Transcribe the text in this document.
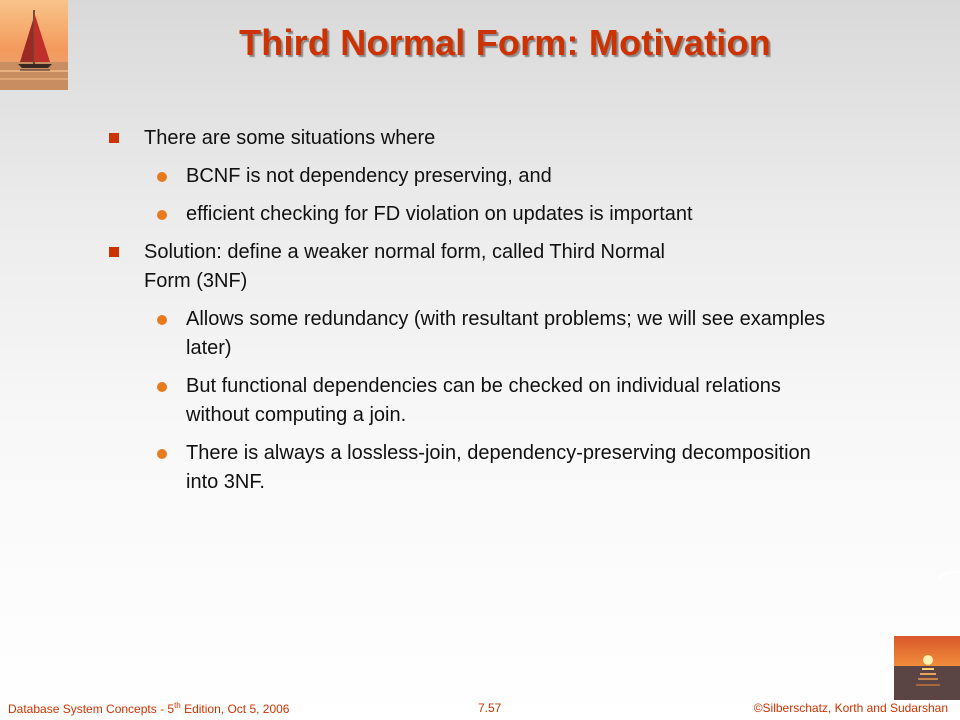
Third Normal Form: Motivation
There are some situations where
BCNF is not dependency preserving, and
efficient checking for FD violation on updates is important
Solution: define a weaker normal form, called Third Normal Form (3NF)
Allows some redundancy (with resultant problems; we will see examples later)
But functional dependencies can be checked on individual relations without computing a join.
There is always a lossless-join, dependency-preserving decomposition into 3NF.
Database System Concepts - 5th Edition, Oct 5, 2006	7.57	©Silberschatz, Korth and Sudarshan
